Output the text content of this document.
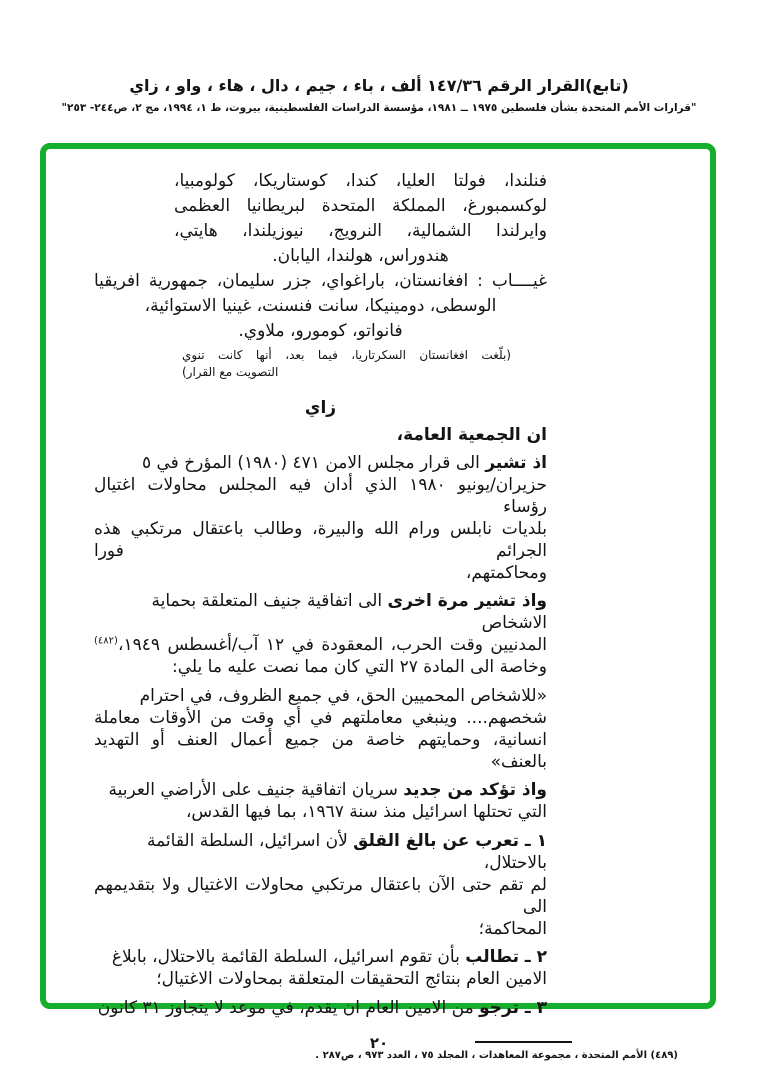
(تابع)القرار الرقم ١٤٧/٣٦ ألف ، باء ، جيم ، دال ، هاء ، واو ، زاي
"قرارات الأمم المتحدة بشأن فلسطين ١٩٧٥ ــ ١٩٨١، مؤسسة الدراسات الفلسطينية، بيروت، ط ١، ١٩٩٤، مج ٢، ص٢٤٤- ٢٥٣"
فنلندا، فولتا العليا، كندا، كوستاريكا، كولومبيا،
لوكسمبورغ، المملكة المتحدة لبريطانيا العظمى
وايرلندا الشمالية، النرويج، نيوزيلندا، هايتي،
هندوراس، هولندا، اليابان.
غيــــاب : افغانستان، باراغواي، جزر سليمان، جمهورية افريقيا
الوسطى، دومينيكا، سانت فنسنت، غينيا الاستوائية،
فانواتو، كومورو، ملاوي.
(بلّغت افغانستان السكرتاريا، فيما بعد، أنها كانت تنوي
التصويت مع القرار)
زاي
ان الجمعية العامة،
اذ تشير الى قرار مجلس الامن ٤٧١ (١٩٨٠) المؤرخ في ٥
حزيران/يونيو ١٩٨٠ الذي أدان فيه المجلس محاولات اغتيال رؤساء
بلديات نابلس ورام الله والبيرة، وطالب باعتقال مرتكبي هذه الجرائم فورا
ومحاكمتهم،
واذ تشير مرة اخرى الى اتفاقية جنيف المتعلقة بحماية الاشخاص
المدنيين وقت الحرب، المعقودة في ١٢ آب/أغسطس ١٩٤٩،$^{(٤٨٢)}$
وخاصة الى المادة ٢٧ التي كان مما نصت عليه ما يلي:
«للاشخاص المحميين الحق، في جميع الظروف، في احترام
شخصهم.... وينبغي معاملتهم في أي وقت من الأوقات معاملة
انسانية، وحمايتهم خاصة من جميع أعمال العنف أو التهديد بالعنف»
واذ تؤكد من جديد سريان اتفاقية جنيف على الأراضي العربية
التي تحتلها اسرائيل منذ سنة ١٩٦٧، بما فيها القدس،
١ ـ تعرب عن بالغ القلق لأن اسرائيل، السلطة القائمة بالاحتلال،
لم تقم حتى الآن باعتقال مرتكبي محاولات الاغتيال ولا بتقديمهم الى
المحاكمة؛
٢ ـ تطالب بأن تقوم اسرائيل، السلطة القائمة بالاحتلال، بابلاغ
الامين العام بنتائج التحقيقات المتعلقة بمحاولات الاغتيال؛
٣ ـ ترجو من الامين العام ان يقدم، في موعد لا يتجاوز ٣١ كانون
(٤٨٩) الأمم المتحدة ، مجموعة المعاهدات ، المجلد ٧٥ ، العدد ٩٧٣ ، ص٢٨٧ .
٢٠
